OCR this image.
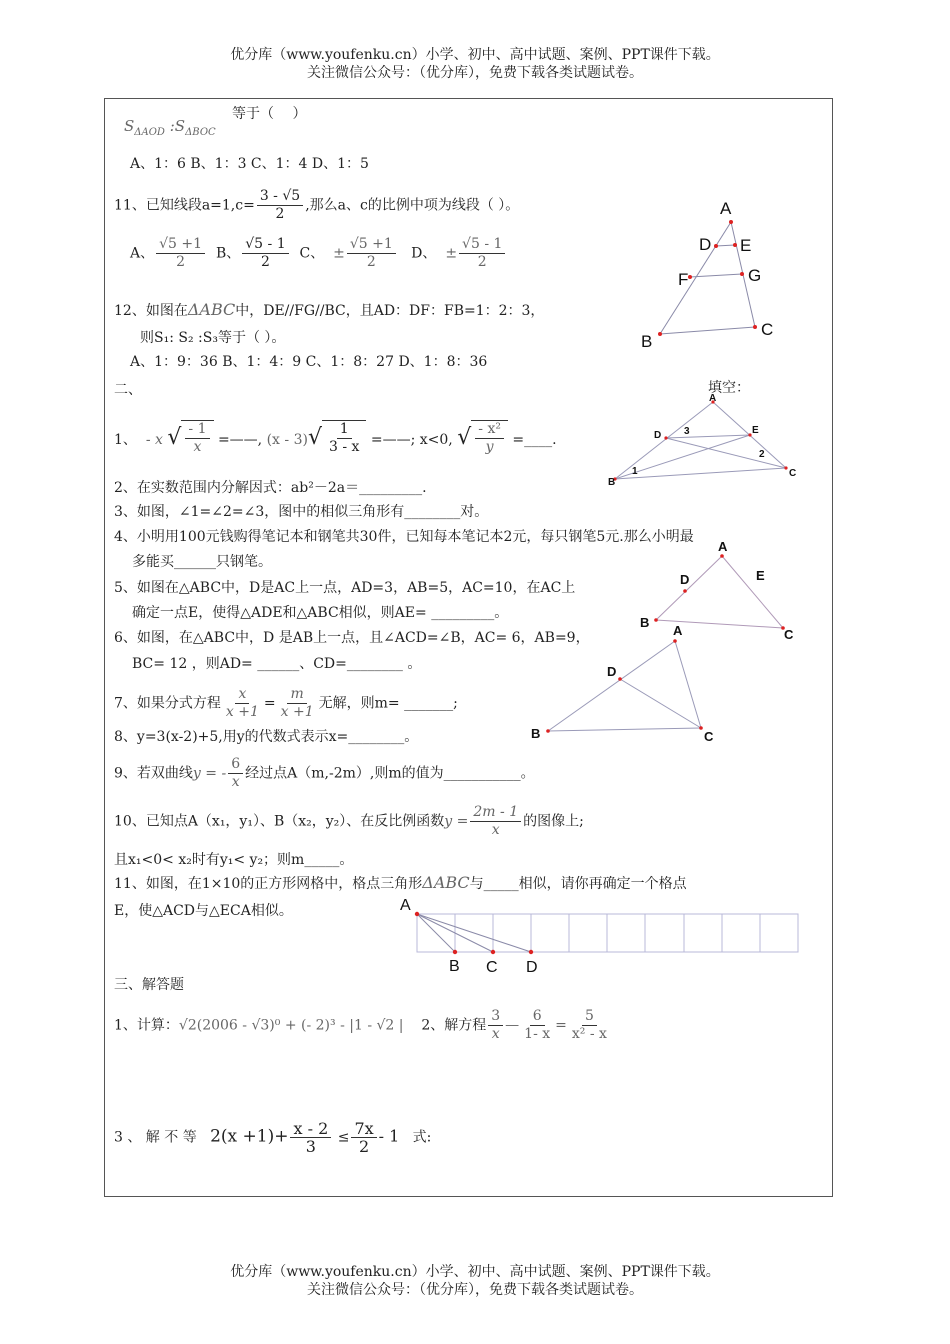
优分库（www.youfenku.cn）小学、初中、高中试题、案例、PPT课件下载。
关注微信公众号：（优分库），免费下载各类试题试卷。
$S_{\Delta AOD}$ $:S_{\Delta BOC}$
等于（　 ）
A、1：6 B、1：3 C、1：4 D、1：5
11、已知线段$a=1,c= \frac{3 - √5}{2}$ ,那么a、c的比例中项为线段（ ）。
A、 $\frac{√5 +1}{2}$ B、 $\frac{√5 - 1}{2}$ C、 ± $\frac{√5 +1}{2}$ D、 ± $\frac{√5 - 1}{2}$
12、如图在ΔABC中，DE//FG//BC，且AD：DF：FB=1：2：3，
则S₁: S₂ :S₃等于（ ）。
A、1：9：36 B、1：4：9 C、1：8：27 D、1：8：36
二、	填空：
1、 - x √ $\frac{- 1}{x}$ =——, (x - 3) √ $\frac{1}{3 - x}$ =——; x<0, √ $\frac{\text{- x²}}{y}$ =____.
2、在实数范围内分解因式：ab²－2a＝_________.
3、如图，∠1=∠2=∠3，图中的相似三角形有________对。
4、小明用100元钱购得笔记本和钢笔共30件，已知每本笔记本2元，每只钢笔5元.那么小明最
多能买______只钢笔。
5、如图在△ABC中，D是AC上一点，AD=3，AB=5，AC=10，在AC上
确定一点E，使得△ADE和△ABC相似，则AE= _________。
6、如图，在△ABC中，D 是AB上一点，且∠ACD=∠B，AC= 6，AB=9，
BC= 12 ，则AD= ______、CD=________ 。
7、如果分式方程 $\frac{x}{x +1} = \frac{m}{x +1}$ 无解，则m= _______;
8、y=3(x-2)+5,用y的代数式表示x=________。
9、若双曲线y = - $\frac{6}{x}$ 经过点A（m,-2m）,则m的值为___________。
10、已知点A（x₁，y₁）、B（x₂，y₂）、在反比例函数$y = \frac{2m - 1}{x}$ 的图像上;
且x₁<0< x₂时有y₁< y₂；则m_____。
11、如图，在1×10的正方形网格中，格点三角形ΔABC与_____相似，请你再确定一个格点
E，使△ACD与△ECA相似。
三、解答题
1、计算：√2(2006 - √3)⁰ + (- 2)³ - |1 - √2 | 2、解方程 $\frac{3}{x}$ — $\frac{6}{1- x} = \frac{5}{\text{x² - x}}$
3 、 解 不 等 $2(x +1)+ \frac{x - 2}{3} \le \frac{7x}{2} - 1$ 式:
A
D E
F	G
B
C
A
D	E
B
C
3
2
1
A
D	E
B
C
A
D
B	C
A
B C D
优分库（www.youfenku.cn）小学、初中、高中试题、案例、PPT课件下载。
关注微信公众号：（优分库），免费下载各类试题试卷。
